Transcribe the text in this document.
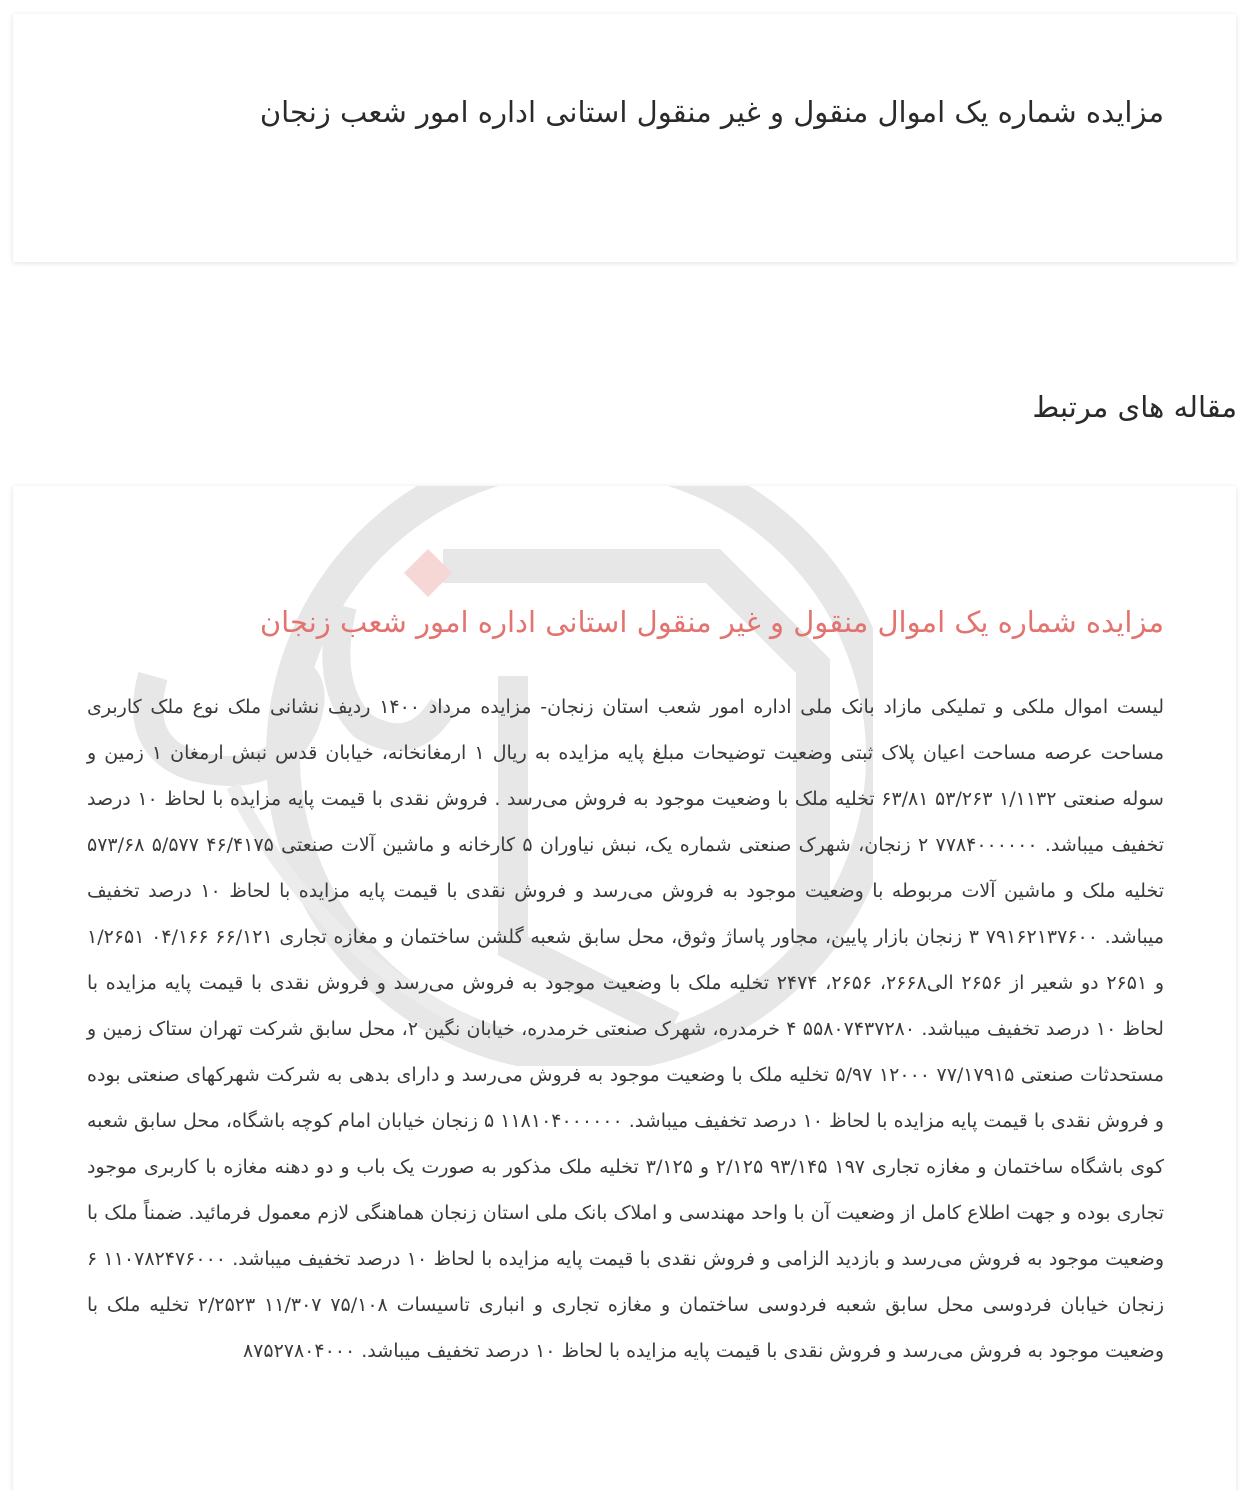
مزایده شماره یک اموال منقول و غیر منقول استانی اداره امور شعب زنجان
مقاله های مرتبط
مزایده شماره یک اموال منقول و غیر منقول استانی اداره امور شعب زنجان

لیست اموال ملکی و تملیکی مازاد بانک ملی اداره امور شعب استان زنجان- مزایده مرداد ۱۴۰۰ ردیف نشانی ملک نوع ملک کاربری مساحت عرصه مساحت اعیان پلاک ثبتی وضعیت توضیحات مبلغ پایه مزایده به ریال ۱ ارمغانخانه، خیابان قدس نبش ارمغان ۱ زمین و سوله صنعتی ۱/۱۱۳۲ ۵۳/۲۶۳ ۶۳/۸۱ تخلیه ملک با وضعیت موجود به فروش می‌رسد . فروش نقدی با قیمت پایه مزایده با لحاظ ۱۰ درصد تخفیف میباشد. ۷۷۸۴۰۰۰۰۰۰ ۲ زنجان، شهرک صنعتی شماره یک، نبش نیاوران ۵ کارخانه و ماشین آلات صنعتی ۴۶/۴۱۷۵ ۵/۵۷۷ ۵۷۳/۶۸ تخلیه ملک و ماشین آلات مربوطه با وضعیت موجود به فروش می‌رسد و فروش نقدی با قیمت پایه مزایده با لحاظ ۱۰ درصد تخفیف میباشد. ۷۹۱۶۲۱۳۷۶۰۰ ۳ زنجان بازار پایین، مجاور پاساژ وثوق، محل سابق شعبه گلشن ساختمان و مغازه تجاری ۶۶/۱۲۱ ۰۴/۱۶۶ ۱/۲۶۵۱ و ۲۶۵۱ دو شعیر از ۲۶۵۶ الی۲۶۶۸، ۲۶۵۶، ۲۴۷۴ تخلیه ملک با وضعیت موجود به فروش می‌رسد و فروش نقدی با قیمت پایه مزایده با لحاظ ۱۰ درصد تخفیف میباشد. ۵۵۸۰۷۴۳۷۲۸۰ ۴ خرمدره، شهرک صنعتی خرمدره، خیابان نگین ۲، محل سابق شرکت تهران ستاک زمین و مستحدثات صنعتی ۷۷/۱۷۹۱۵ ۱۲۰۰۰ ۵/۹۷ تخلیه ملک با وضعیت موجود به فروش می‌رسد و دارای بدهی به شرکت شهرکهای صنعتی بوده و فروش نقدی با قیمت پایه مزایده با لحاظ ۱۰ درصد تخفیف میباشد. ۱۱۸۱۰۴۰۰۰۰۰۰ ۵ زنجان خیابان امام کوچه باشگاه، محل سابق شعبه کوی باشگاه ساختمان و مغازه تجاری ۱۹۷ ۹۳/۱۴۵ ۲/۱۲۵ و ۳/۱۲۵ تخلیه ملک مذکور به صورت یک باب و دو دهنه مغازه با کاربری موجود تجاری بوده و جهت اطلاع کامل از وضعیت آن با واحد مهندسی و املاک بانک ملی استان زنجان هماهنگی لازم معمول فرمائید. ضمناً ملک با وضعیت موجود به فروش می‌رسد و بازدید الزامی و فروش نقدی با قیمت پایه مزایده با لحاظ ۱۰ درصد تخفیف میباشد. ۱۱۰۷۸۲۴۷۶۰۰۰ ۶ زنجان خیابان فردوسی محل سابق شعبه فردوسی ساختمان و مغازه تجاری و انباری تاسیسات ۷۵/۱۰۸ ۱۱/۳۰۷ ۲/۲۵۲۳ تخلیه ملک با وضعیت موجود به فروش می‌رسد و فروش نقدی با قیمت پایه مزایده با لحاظ ۱۰ درصد تخفیف میباشد. ۸۷۵۲۷۸۰۴۰۰۰
